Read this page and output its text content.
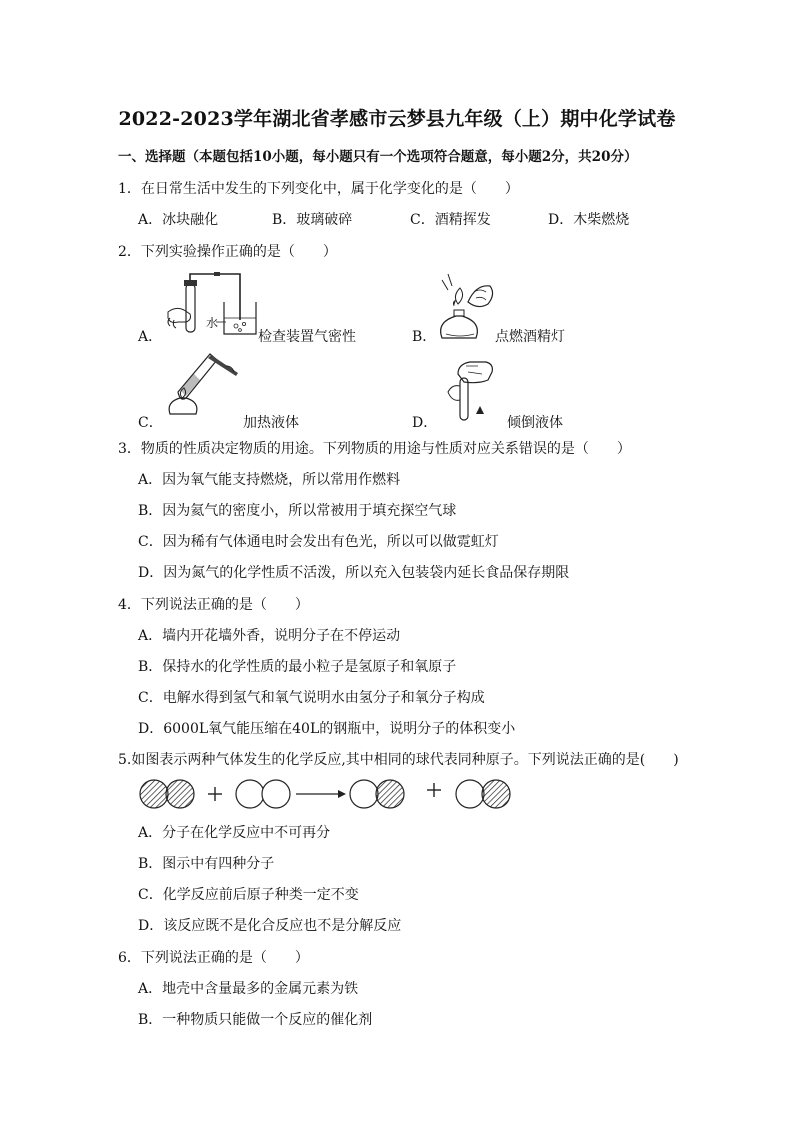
2022-2023学年湖北省孝感市云梦县九年级（上）期中化学试卷
一、选择题（本题包括10小题，每小题只有一个选项符合题意，每小题2分，共20分）
1．在日常生活中发生的下列变化中，属于化学变化的是（　　）
A．冰块融化	B．玻璃破碎	C．酒精挥发	D．木柴燃烧
2．下列实验操作正确的是（　　）
A．
水
检查装置气密性	B．	点燃酒精灯
C．	加热液体	D．	倾倒液体
3．物质的性质决定物质的用途。下列物质的用途与性质对应关系错误的是（　　）
A．因为氧气能支持燃烧，所以常用作燃料
B．因为氦气的密度小，所以常被用于填充探空气球
C．因为稀有气体通电时会发出有色光，所以可以做霓虹灯
D．因为氮气的化学性质不活泼，所以充入包装袋内延长食品保存期限
4．下列说法正确的是（　　）
A．墙内开花墙外香，说明分子在不停运动
B．保持水的化学性质的最小粒子是氢原子和氧原子
C．电解水得到氢气和氧气说明水由氢分子和氧分子构成
D．6000L氧气能压缩在40L的钢瓶中，说明分子的体积变小
5.如图表示两种气体发生的化学反应,其中相同的球代表同种原子。下列说法正确的是(　　)
A．分子在化学反应中不可再分
B．图示中有四种分子
C．化学反应前后原子种类一定不变
D．该反应既不是化合反应也不是分解反应
6．下列说法正确的是（　　）
A．地壳中含量最多的金属元素为铁
B．一种物质只能做一个反应的催化剂
